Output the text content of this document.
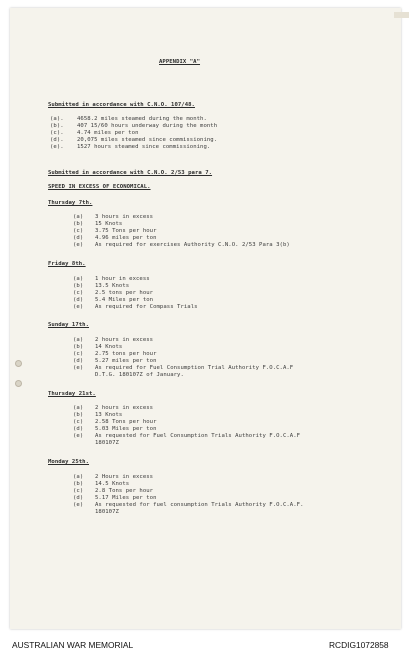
APPENDIX "A"
Submitted in accordance with C.N.O. 107/48.
(a). 4658.2 miles steamed during the month.
(b). 407 15/60 hours underway during the month
(c). 4.74 miles per ton
(d). 20,075 miles steamed since commissioning.
(e). 1527 hours steamed since commissioning.
Submitted in accordance with C.N.O. 2/53 para 7.
SPEED IN EXCESS OF ECONOMICAL.
Thursday 7th.
(a) 3 hours in excess
(b) 15 Knots
(c) 3.75 Tons per hour
(d) 4.96 miles per ton
(e) As required for exercises Authority C.N.O. 2/53 Para 3(b)
Friday 8th.
(a) 1 hour in excess
(b) 13.5 Knots
(c) 2.5 tons per hour
(d) 5.4 Miles per ton
(e) As required for Compass Trials
Sunday 17th.
(a) 2 hours in excess
(b) 14 Knots
(c) 2.75 tons per hour
(d) 5.27 miles per ton
(e) As required for Fuel Consumption Trial Authority F.O.C.A.F
D.T.G. 180107Z of January.
Thursday 21st.
(a) 2 hours in excess
(b) 13 Knots
(c) 2.58 Tons per hour
(d) 5.03 Miles per ton
(e) As requested for Fuel Consumption Trials Authority F.O.C.A.F
180107Z
Monday 25th.
(a) 2 Hours in excess
(b) 14.5 Knots
(c) 2.8 Tons per hour
(d) 5.17 Miles per ton
(e) As requested for fuel consumption Trials Authority F.O.C.A.F.
180107Z
AUSTRALIAN WAR MEMORIAL	RCDIG1072858
